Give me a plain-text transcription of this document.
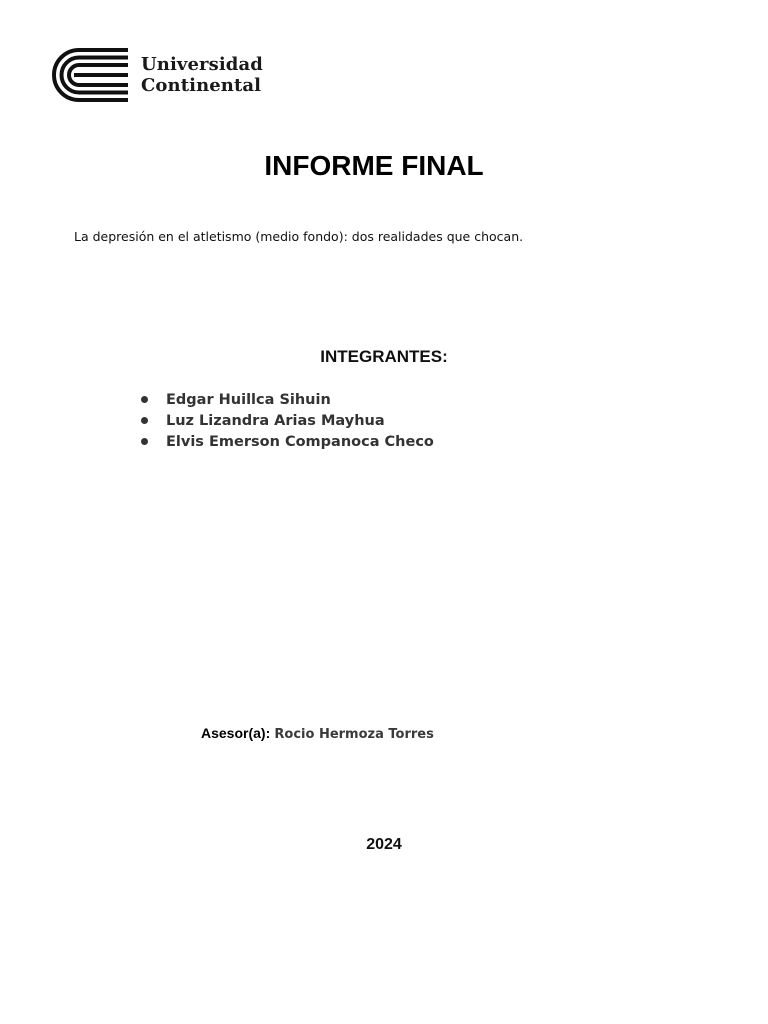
Universidad
Continental
INFORME FINAL
La depresión en el atletismo (medio fondo): dos realidades que chocan.
INTEGRANTES:
Edgar Huillca Sihuin
Luz Lizandra Arias Mayhua
Elvis Emerson Companoca Checo
Asesor(a): Rocio Hermoza Torres
2024
